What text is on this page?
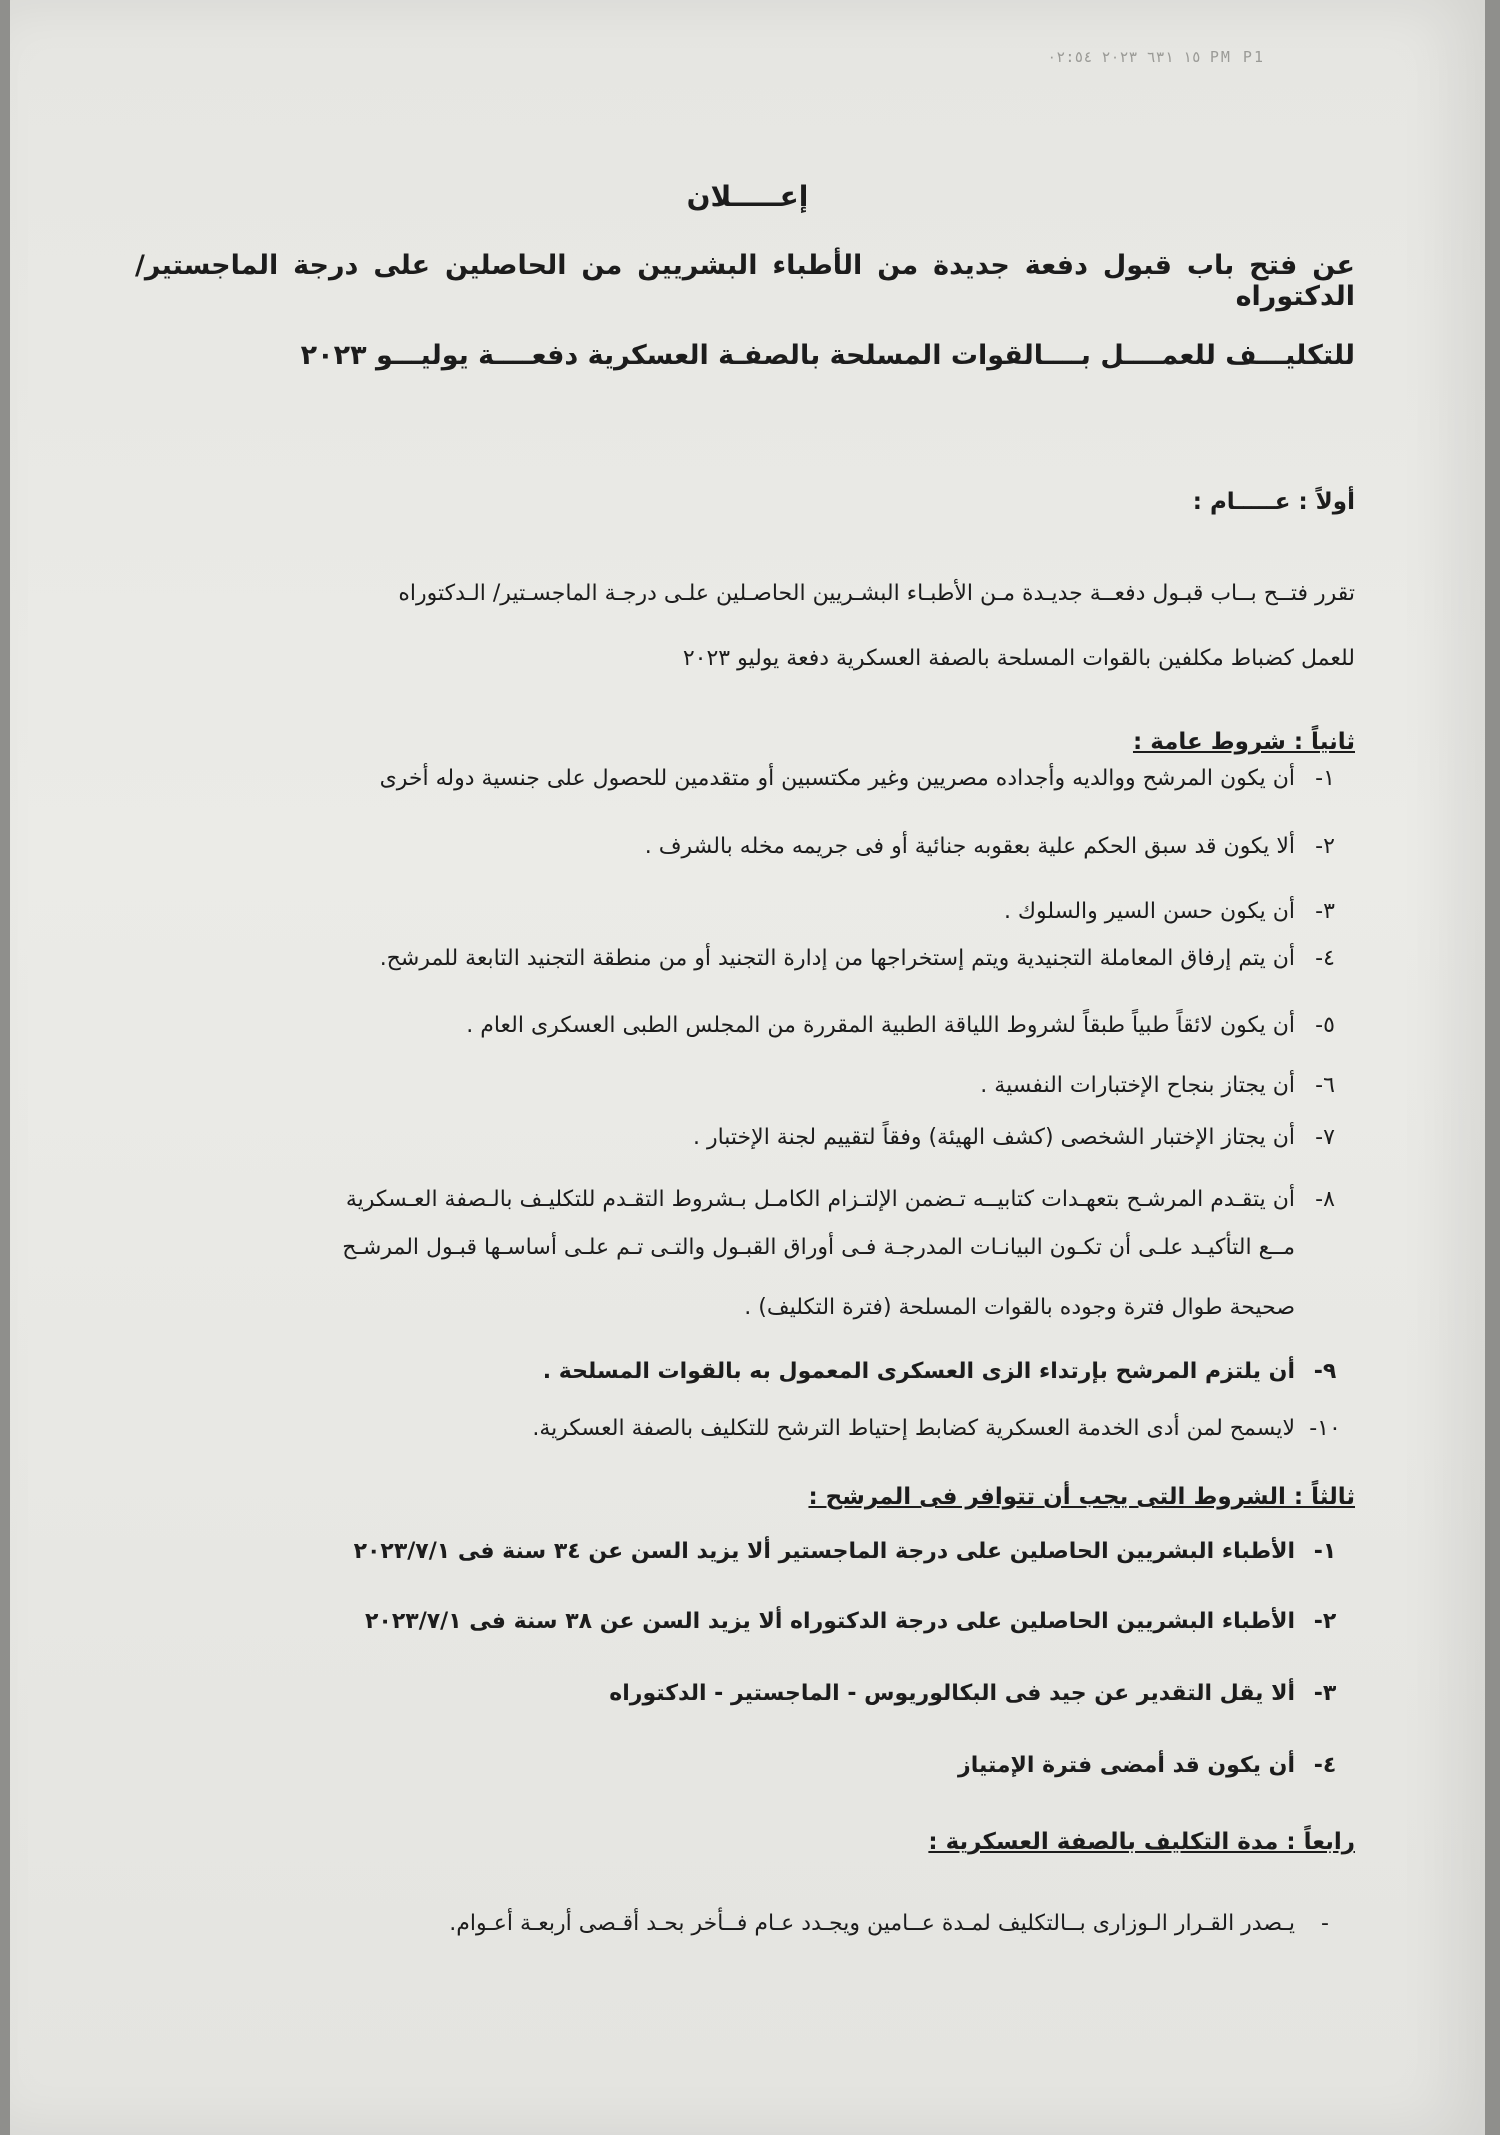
١٥ ٦٣١ ٢٠٢٣ ٠٢:٥٤ PM P1
إعـــــلان
عن فتح باب قبول دفعة جديدة من الأطباء البشريين من الحاصلين على درجة الماجستير/الدكتوراه
للتكليـــف للعمــــل بــــالقوات المسلحة بالصفـة العسكرية دفعــــة يوليـــو ٢٠٢٣
أولاً : عـــــام :
تقرر فتــح بــاب قبـول دفعــة جديـدة مـن الأطبـاء البشـريين الحاصـلين علـى درجـة الماجسـتير/ الـدكتوراه
للعمل كضباط مكلفين بالقوات المسلحة بالصفة العسكرية دفعة يوليو ٢٠٢٣
ثانياً : شروط عامة :
١-أن يكون المرشح ووالديه وأجداده مصريين وغير مكتسبين أو متقدمين للحصول على جنسية دوله أخرى
٢-ألا يكون قد سبق الحكم علية بعقوبه جنائية أو فى جريمه مخله بالشرف .
٣-أن يكون حسن السير والسلوك .
٤-أن يتم إرفاق المعاملة التجنيدية ويتم إستخراجها من إدارة التجنيد أو من منطقة التجنيد التابعة للمرشح.
٥-أن يكون لائقاً طبياً طبقاً لشروط اللياقة الطبية المقررة من المجلس الطبى العسكرى العام .
٦-أن يجتاز بنجاح الإختبارات النفسية .
٧-أن يجتاز الإختبار الشخصى (كشف الهيئة) وفقاً لتقييم لجنة الإختبار .
٨-أن يتقـدم المرشـح بتعهـدات كتابيــه تـضمن الإلتـزام الكامـل بـشروط التقـدم للتكليـف بالـصفة العـسكرية
مــع التأكيـد علـى أن تكـون البيانـات المدرجـة فـى أوراق القبـول والتـى تـم علـى أساسـها قبـول المرشـح
صحيحة طوال فترة وجوده بالقوات المسلحة (فترة التكليف) .
٩-أن يلتزم المرشح بإرتداء الزى العسكرى المعمول به بالقوات المسلحة .
١٠-لايسمح لمن أدى الخدمة العسكرية كضابط إحتياط الترشح للتكليف بالصفة العسكرية.
ثالثاً : الشروط التى يجب أن تتوافر فى المرشح :
١-الأطباء البشريين الحاصلين على درجة الماجستير ألا يزيد السن عن ٣٤ سنة فى ٢٠٢٣/٧/١
٢-الأطباء البشريين الحاصلين على درجة الدكتوراه ألا يزيد السن عن ٣٨ سنة فى ٢٠٢٣/٧/١
٣-ألا يقل التقدير عن جيد فى البكالوريوس - الماجستير - الدكتوراه
٤-أن يكون قد أمضى فترة الإمتياز
رابعاً : مدة التكليف بالصفة العسكرية :
-يـصدر القـرار الـوزارى بــالتكليف لمـدة عــامين ويجـدد عـام فــأخر بحـد أقـصى أربعـة أعـوام.
